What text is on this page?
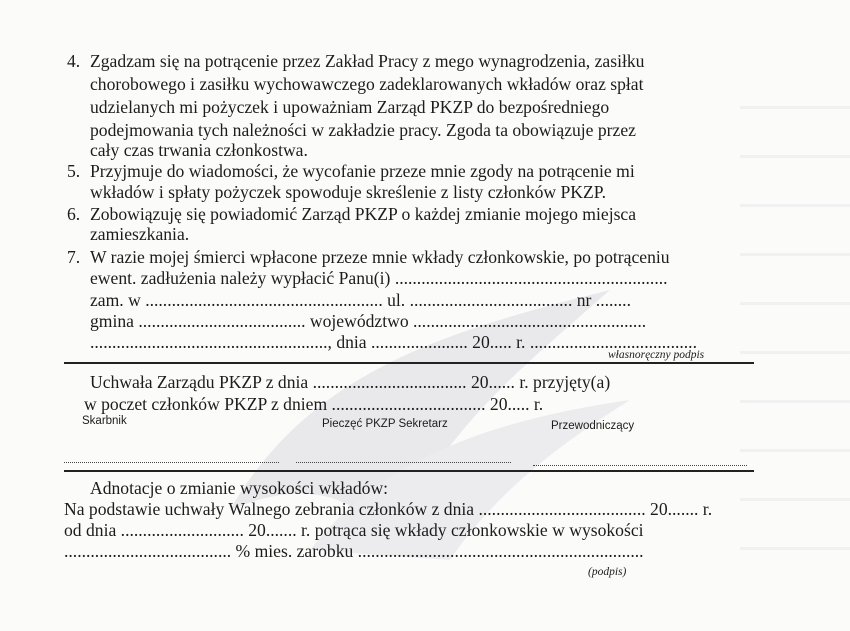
4. Zgadzam się na potrącenie przez Zakład Pracy z mego wynagrodzenia, zasiłku
chorobowego i zasiłku wychowawczego zadeklarowanych wkładów oraz spłat
udzielanych mi pożyczek i upoważniam Zarząd PKZP do bezpośredniego
podejmowania tych należności w zakładzie pracy. Zgoda ta obowiązuje przez
cały czas trwania członkostwa.
5. Przyjmuje do wiadomości, że wycofanie przeze mnie zgody na potrącenie mi
wkładów i spłaty pożyczek spowoduje skreślenie z listy członków PKZP.
6. Zobowiązuję się powiadomić Zarząd PKZP o każdej zmianie mojego miejsca
zamieszkania.
7. W razie mojej śmierci wpłacone przeze mnie wkłady członkowskie, po potrąceniu
ewent. zadłużenia należy wypłacić Panu(i) ..............................................................
zam. w ...................................................... ul. ..................................... nr ........
gmina ...................................... województwo .....................................................
......................................................, dnia ...................... 20..... r. ......................................
własnoręczny podpis
Uchwała Zarządu PKZP z dnia ................................... 20...... r. przyjęty(a)
w poczet członków PKZP z dniem ................................... 20..... r.
Skarbnik	Pieczęć PKZP Sekretarz	Przewodniczący
Adnotacje o zmianie wysokości wkładów:
Na podstawie uchwały Walnego zebrania członków z dnia ...................................... 20....... r.
od dnia ............................ 20....... r. potrąca się wkłady członkowskie w wysokości
...................................... % mies. zarobku .................................................................
(podpis)
